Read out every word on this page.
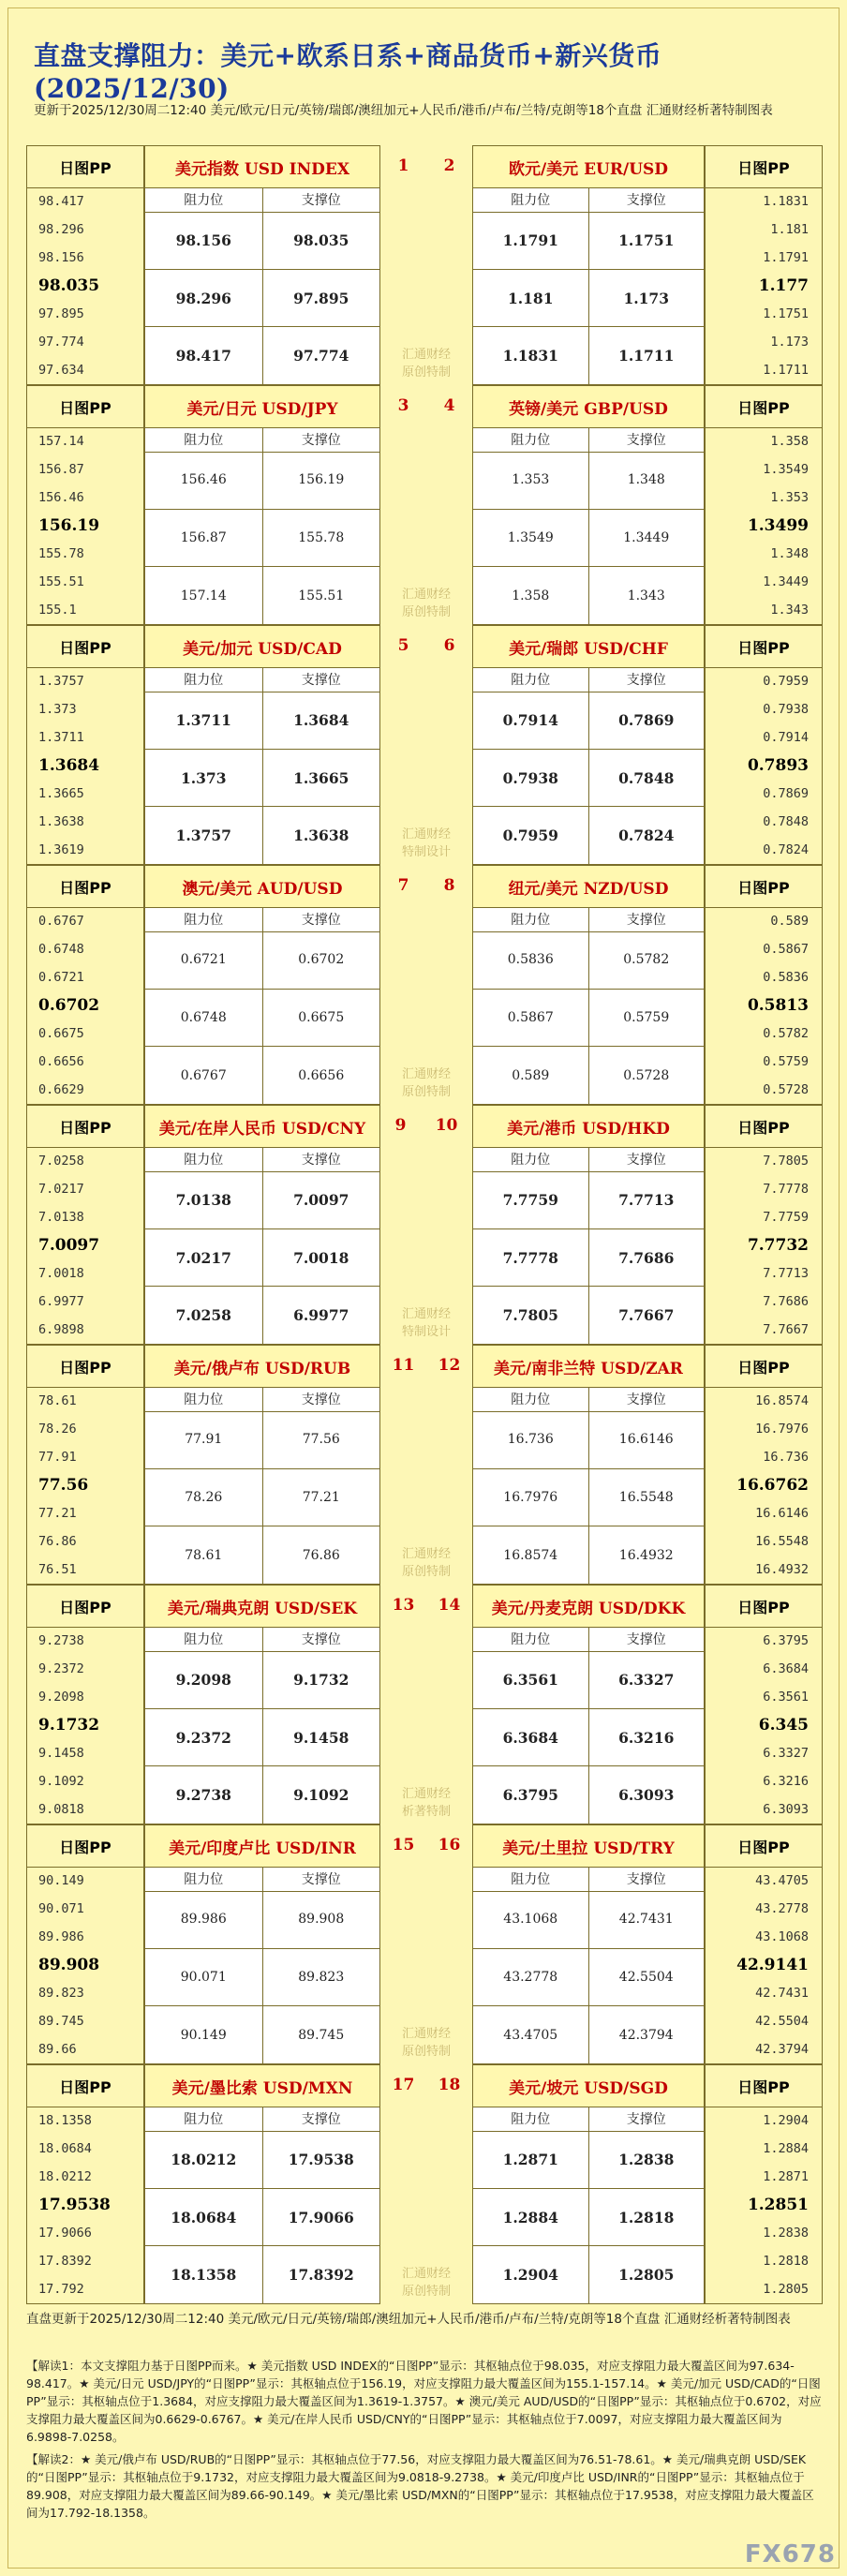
直盘支撑阻力：美元+欧系日系+商品货币+新兴货币(2025/12/30)
更新于2025/12/30周二12:40 美元/欧元/日元/英镑/瑞郎/澳纽加元+人民币/港币/卢布/兰特/克朗等18个直盘 汇通财经析著特制图表
日图PP
98.417
98.296
98.156
98.035
97.895
97.774
97.634
美元指数 USD INDEX
阻力位	支撑位
98.156	98.035
98.296	97.895
98.417	97.774
日图PP
1.1831
1.181
1.1791
1.177
1.1751
1.173
1.1711
欧元/美元 EUR/USD
阻力位	支撑位
1.1791	1.1751
1.181	1.173
1.1831	1.1711
1 2
汇通财经
原创特制
日图PP
157.14
156.87
156.46
156.19
155.78
155.51
155.1
美元/日元 USD/JPY
阻力位	支撑位
156.46	156.19
156.87	155.78
157.14	155.51
日图PP
1.358
1.3549
1.353
1.3499
1.348
1.3449
1.343
英镑/美元 GBP/USD
阻力位	支撑位
1.353	1.348
1.3549	1.3449
1.358	1.343
3 4
汇通财经
原创特制
日图PP
1.3757
1.373
1.3711
1.3684
1.3665
1.3638
1.3619
美元/加元 USD/CAD
阻力位	支撑位
1.3711	1.3684
1.373	1.3665
1.3757	1.3638
日图PP
0.7959
0.7938
0.7914
0.7893
0.7869
0.7848
0.7824
美元/瑞郎 USD/CHF
阻力位	支撑位
0.7914	0.7869
0.7938	0.7848
0.7959	0.7824
5 6
汇通财经
特制设计
日图PP
0.6767
0.6748
0.6721
0.6702
0.6675
0.6656
0.6629
澳元/美元 AUD/USD
阻力位	支撑位
0.6721	0.6702
0.6748	0.6675
0.6767	0.6656
日图PP
0.589
0.5867
0.5836
0.5813
0.5782
0.5759
0.5728
纽元/美元 NZD/USD
阻力位	支撑位
0.5836	0.5782
0.5867	0.5759
0.589	0.5728
7 8
汇通财经
原创特制
日图PP
7.0258
7.0217
7.0138
7.0097
7.0018
6.9977
6.9898
美元/在岸人民币 USD/CNY
阻力位	支撑位
7.0138	7.0097
7.0217	7.0018
7.0258	6.9977
日图PP
7.7805
7.7778
7.7759
7.7732
7.7713
7.7686
7.7667
美元/港币 USD/HKD
阻力位	支撑位
7.7759	7.7713
7.7778	7.7686
7.7805	7.7667
9 10
汇通财经
特制设计
日图PP
78.61
78.26
77.91
77.56
77.21
76.86
76.51
美元/俄卢布 USD/RUB
阻力位	支撑位
77.91	77.56
78.26	77.21
78.61	76.86
日图PP
16.8574
16.7976
16.736
16.6762
16.6146
16.5548
16.4932
美元/南非兰特 USD/ZAR
阻力位	支撑位
16.736	16.6146
16.7976	16.5548
16.8574	16.4932
11 12
汇通财经
原创特制
日图PP
9.2738
9.2372
9.2098
9.1732
9.1458
9.1092
9.0818
美元/瑞典克朗 USD/SEK
阻力位	支撑位
9.2098	9.1732
9.2372	9.1458
9.2738	9.1092
日图PP
6.3795
6.3684
6.3561
6.345
6.3327
6.3216
6.3093
美元/丹麦克朗 USD/DKK
阻力位	支撑位
6.3561	6.3327
6.3684	6.3216
6.3795	6.3093
13 14
汇通财经
析著特制
日图PP
90.149
90.071
89.986
89.908
89.823
89.745
89.66
美元/印度卢比 USD/INR
阻力位	支撑位
89.986	89.908
90.071	89.823
90.149	89.745
日图PP
43.4705
43.2778
43.1068
42.9141
42.7431
42.5504
42.3794
美元/土里拉 USD/TRY
阻力位	支撑位
43.1068	42.7431
43.2778	42.5504
43.4705	42.3794
15 16
汇通财经
原创特制
日图PP
18.1358
18.0684
18.0212
17.9538
17.9066
17.8392
17.792
美元/墨比索 USD/MXN
阻力位	支撑位
18.0212	17.9538
18.0684	17.9066
18.1358	17.8392
日图PP
1.2904
1.2884
1.2871
1.2851
1.2838
1.2818
1.2805
美元/坡元 USD/SGD
阻力位	支撑位
1.2871	1.2838
1.2884	1.2818
1.2904	1.2805
17 18
汇通财经
原创特制
直盘更新于2025/12/30周二12:40 美元/欧元/日元/英镑/瑞郎/澳纽加元+人民币/港币/卢布/兰特/克朗等18个直盘 汇通财经析著特制图表
【解读1：本文支撑阻力基于日图PP而来。★ 美元指数 USD INDEX的“日图PP”显示：其枢轴点位于98.035，对应支撑阻力最大覆盖区间为97.634-98.417。★ 美元/日元 USD/JPY的“日图PP”显示：其枢轴点位于156.19，对应支撑阻力最大覆盖区间为155.1-157.14。★ 美元/加元 USD/CAD的“日图PP”显示：其枢轴点位于1.3684，对应支撑阻力最大覆盖区间为1.3619-1.3757。★ 澳元/美元 AUD/USD的“日图PP”显示：其枢轴点位于0.6702，对应支撑阻力最大覆盖区间为0.6629-0.6767。★ 美元/在岸人民币 USD/CNY的“日图PP”显示：其枢轴点位于7.0097，对应支撑阻力最大覆盖区间为6.9898-7.0258。
【解读2：★ 美元/俄卢布 USD/RUB的“日图PP”显示：其枢轴点位于77.56，对应支撑阻力最大覆盖区间为76.51-78.61。★ 美元/瑞典克朗 USD/SEK的“日图PP”显示：其枢轴点位于9.1732，对应支撑阻力最大覆盖区间为9.0818-9.2738。★ 美元/印度卢比 USD/INR的“日图PP”显示：其枢轴点位于89.908，对应支撑阻力最大覆盖区间为89.66-90.149。★ 美元/墨比索 USD/MXN的“日图PP”显示：其枢轴点位于17.9538，对应支撑阻力最大覆盖区间为17.792-18.1358。
FX678
